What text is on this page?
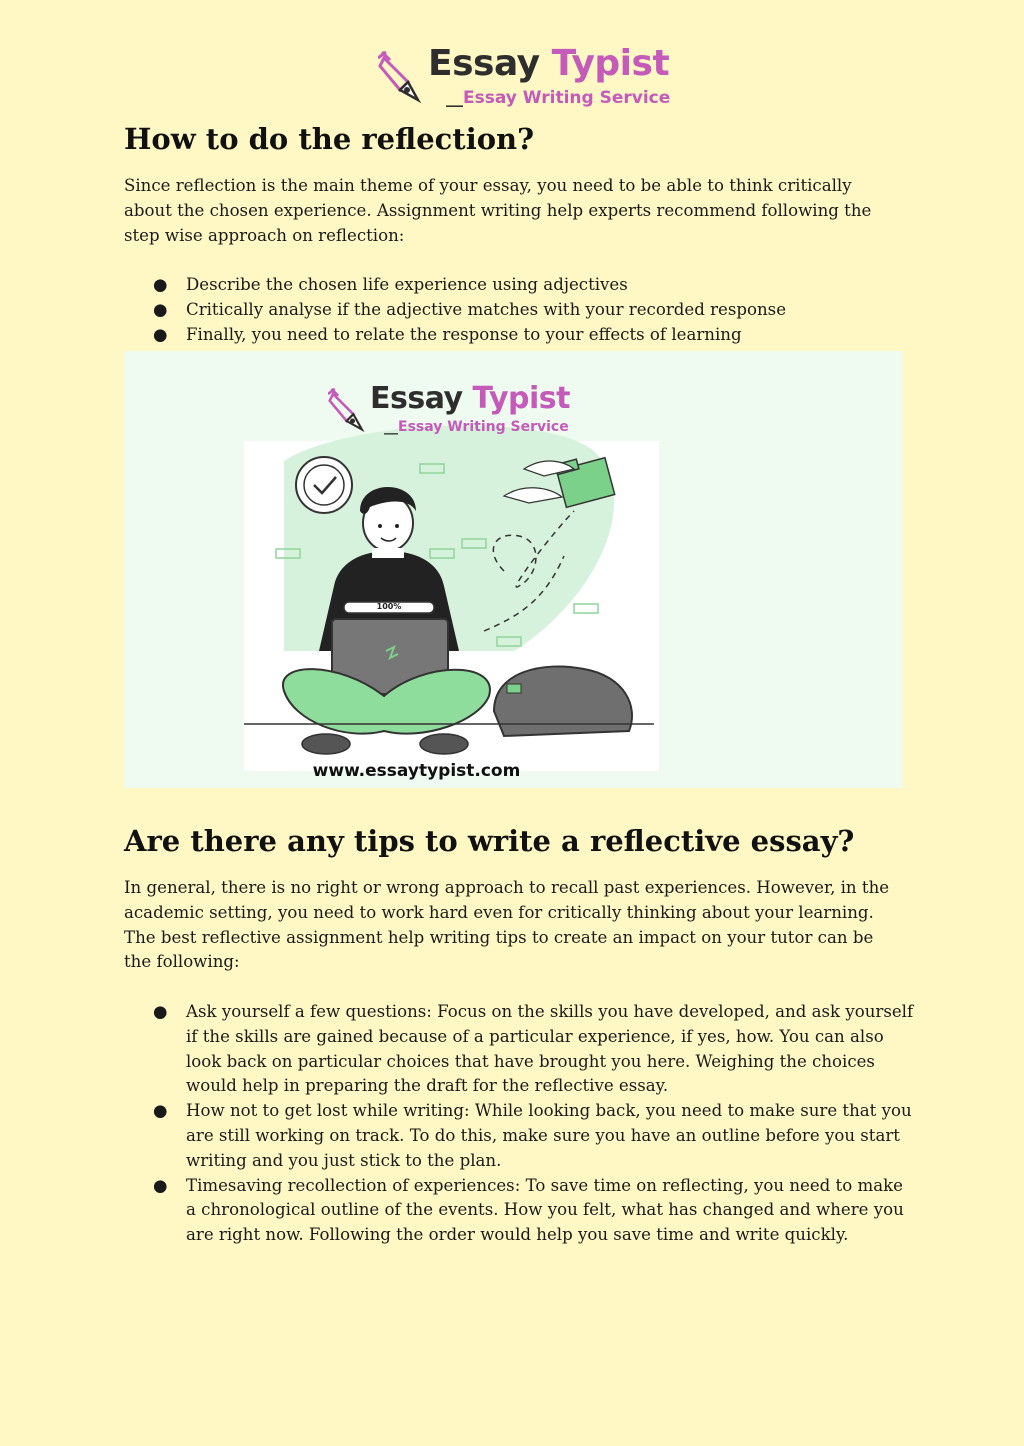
Essay Typist
__Essay Writing Service
How to do the reflection?

Since reflection is the main theme of your essay, you need to be able to think critically about the chosen experience. Assignment writing help experts recommend following the step wise approach on reflection:

● Describe the chosen life experience using adjectives
● Critically analyse if the adjective matches with your recorded response
● Finally, you need to relate the response to your effects of learning
Essay Typist
__Essay Writing Service
100%
www.essaytypist.com
Are there any tips to write a reflective essay?

In general, there is no right or wrong approach to recall past experiences. However, in the academic setting, you need to work hard even for critically thinking about your learning. The best reflective assignment help writing tips to create an impact on your tutor can be the following:

● Ask yourself a few questions: Focus on the skills you have developed, and ask yourself if the skills are gained because of a particular experience, if yes, how. You can also look back on particular choices that have brought you here. Weighing the choices would help in preparing the draft for the reflective essay.
● How not to get lost while writing: While looking back, you need to make sure that you are still working on track. To do this, make sure you have an outline before you start writing and you just stick to the plan.
● Timesaving recollection of experiences: To save time on reflecting, you need to make a chronological outline of the events. How you felt, what has changed and where you are right now. Following the order would help you save time and write quickly.
